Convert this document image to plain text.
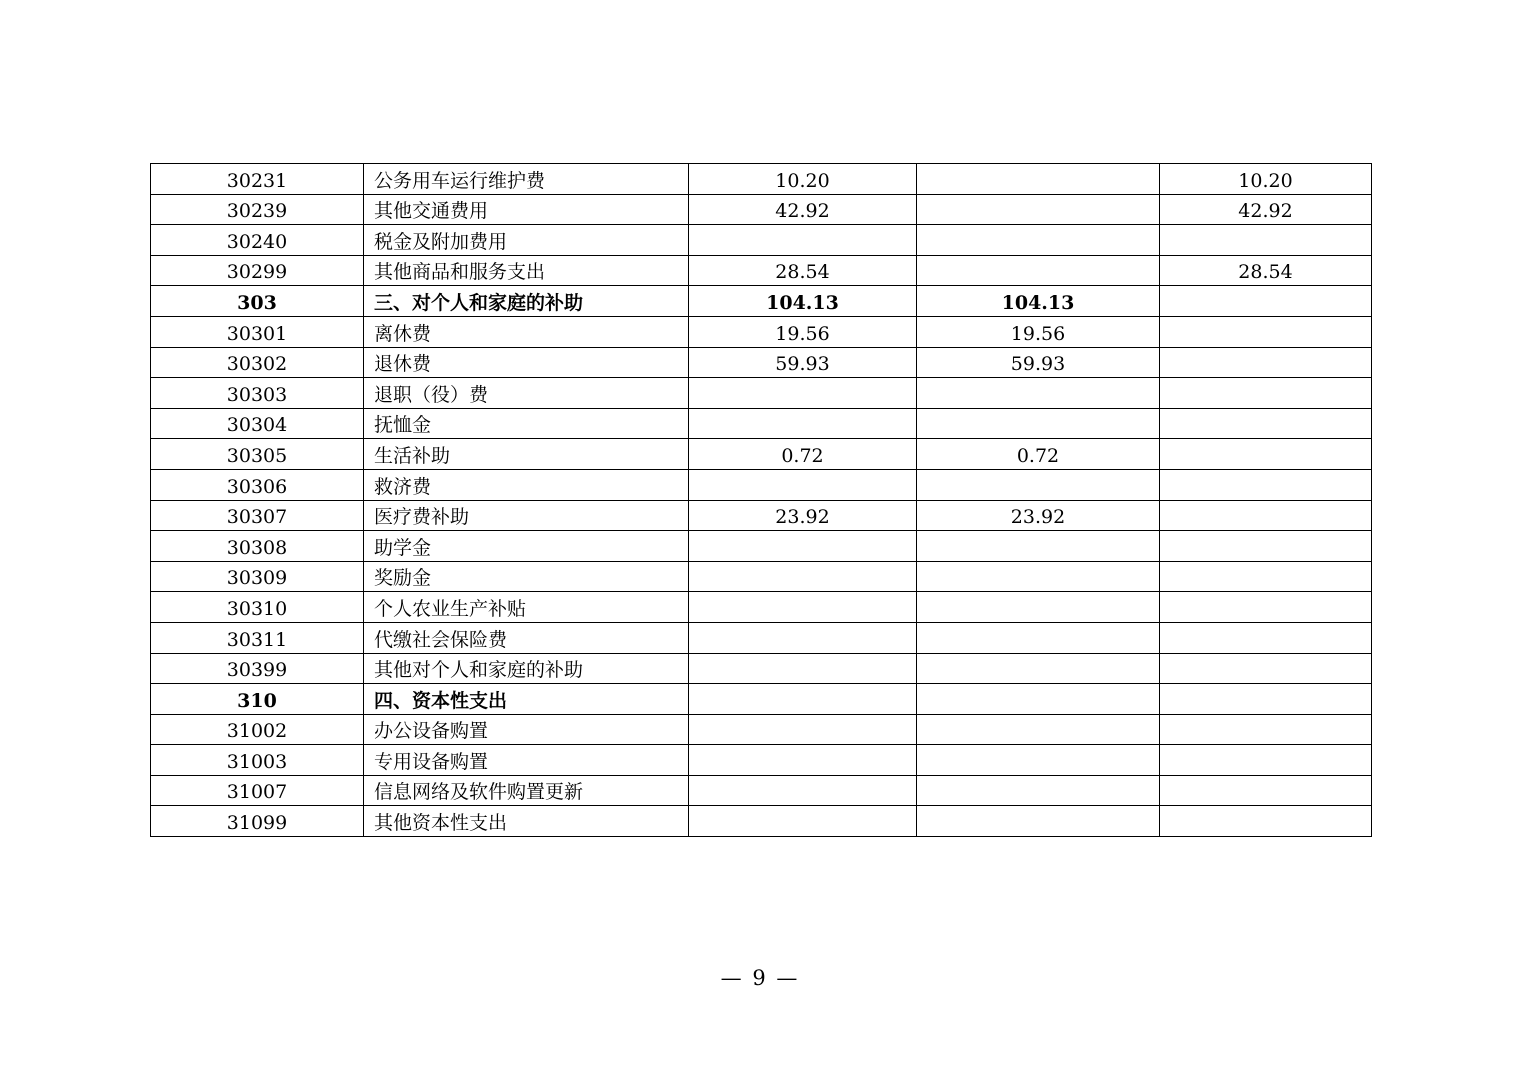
30231	公务用车运行维护费	10.20		10.20
30239	其他交通费用	42.92		42.92
30240	税金及附加费用			
30299	其他商品和服务支出	28.54		28.54
303	三、对个人和家庭的补助	104.13	104.13	
30301	离休费	19.56	19.56	
30302	退休费	59.93	59.93	
30303	退职（役）费			
30304	抚恤金			
30305	生活补助	0.72	0.72	
30306	救济费			
30307	医疗费补助	23.92	23.92	
30308	助学金			
30309	奖励金			
30310	个人农业生产补贴			
30311	代缴社会保险费			
30399	其他对个人和家庭的补助			
310	四、资本性支出			
31002	办公设备购置			
31003	专用设备购置			
31007	信息网络及软件购置更新			
31099	其他资本性支出			
— 9 —
